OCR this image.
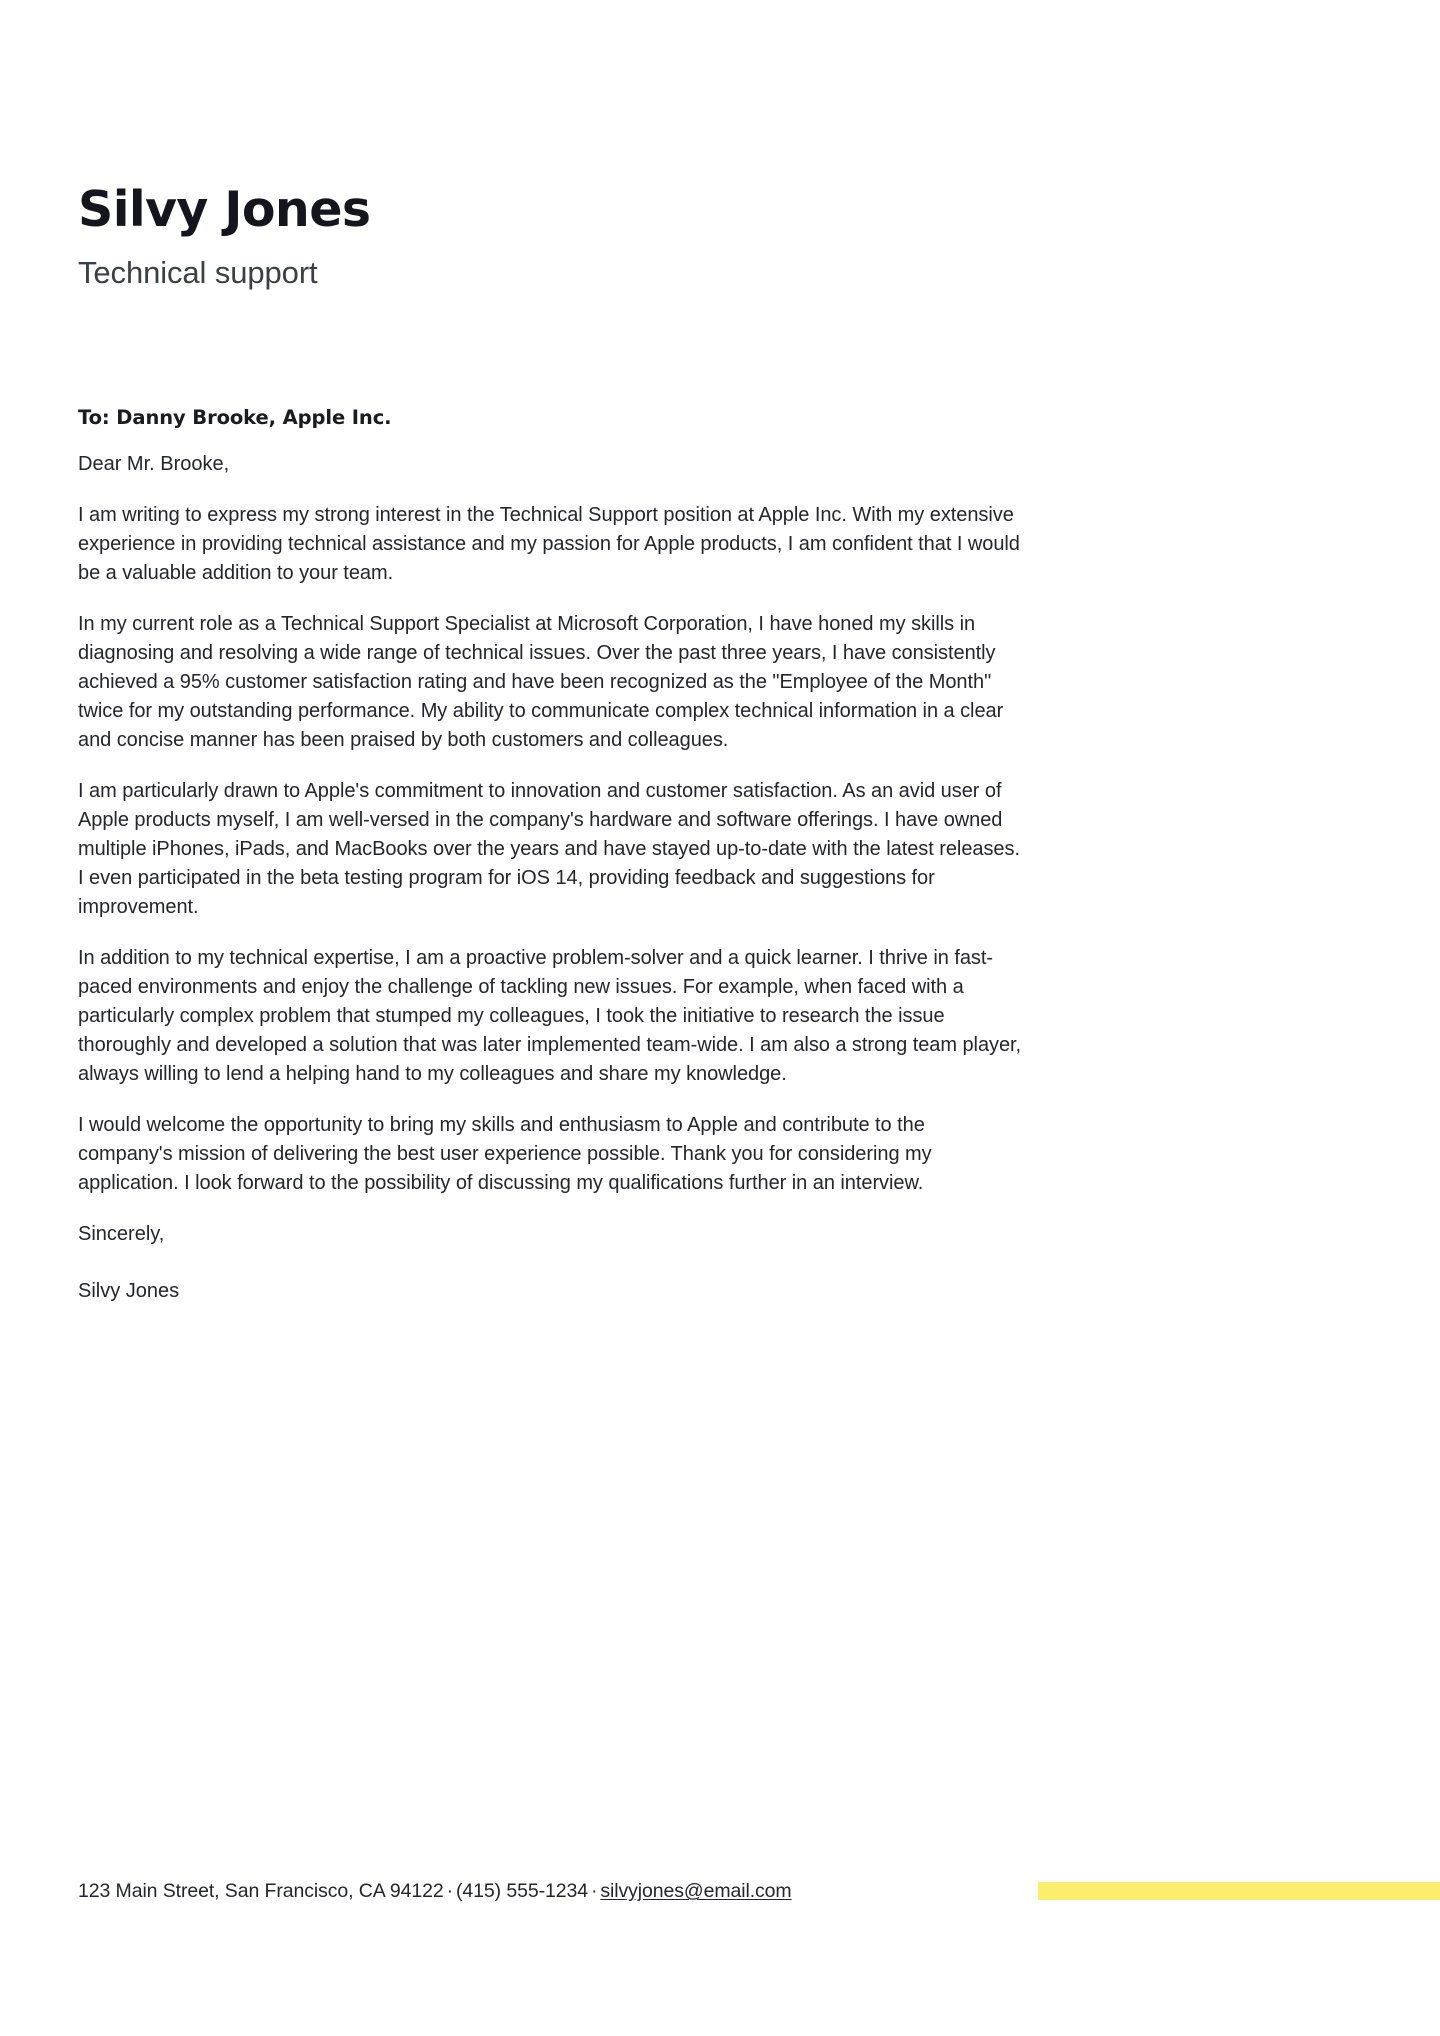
Silvy Jones
Technical support
To: Danny Brooke, Apple Inc.
Dear Mr. Brooke,

I am writing to express my strong interest in the Technical Support position at Apple Inc. With my extensive experience in providing technical assistance and my passion for Apple products, I am confident that I would be a valuable addition to your team.

In my current role as a Technical Support Specialist at Microsoft Corporation, I have honed my skills in diagnosing and resolving a wide range of technical issues. Over the past three years, I have consistently achieved a 95% customer satisfaction rating and have been recognized as the "Employee of the Month" twice for my outstanding performance. My ability to communicate complex technical information in a clear and concise manner has been praised by both customers and colleagues.

I am particularly drawn to Apple's commitment to innovation and customer satisfaction. As an avid user of Apple products myself, I am well-versed in the company's hardware and software offerings. I have owned multiple iPhones, iPads, and MacBooks over the years and have stayed up-to-date with the latest releases. I even participated in the beta testing program for iOS 14, providing feedback and suggestions for improvement.

In addition to my technical expertise, I am a proactive problem-solver and a quick learner. I thrive in fast-paced environments and enjoy the challenge of tackling new issues. For example, when faced with a particularly complex problem that stumped my colleagues, I took the initiative to research the issue thoroughly and developed a solution that was later implemented team-wide. I am also a strong team player, always willing to lend a helping hand to my colleagues and share my knowledge.

I would welcome the opportunity to bring my skills and enthusiasm to Apple and contribute to the company's mission of delivering the best user experience possible. Thank you for considering my application. I look forward to the possibility of discussing my qualifications further in an interview.

Sincerely,
Silvy Jones
123 Main Street, San Francisco, CA 94122 · (415) 555-1234 · silvyjones@email.com
